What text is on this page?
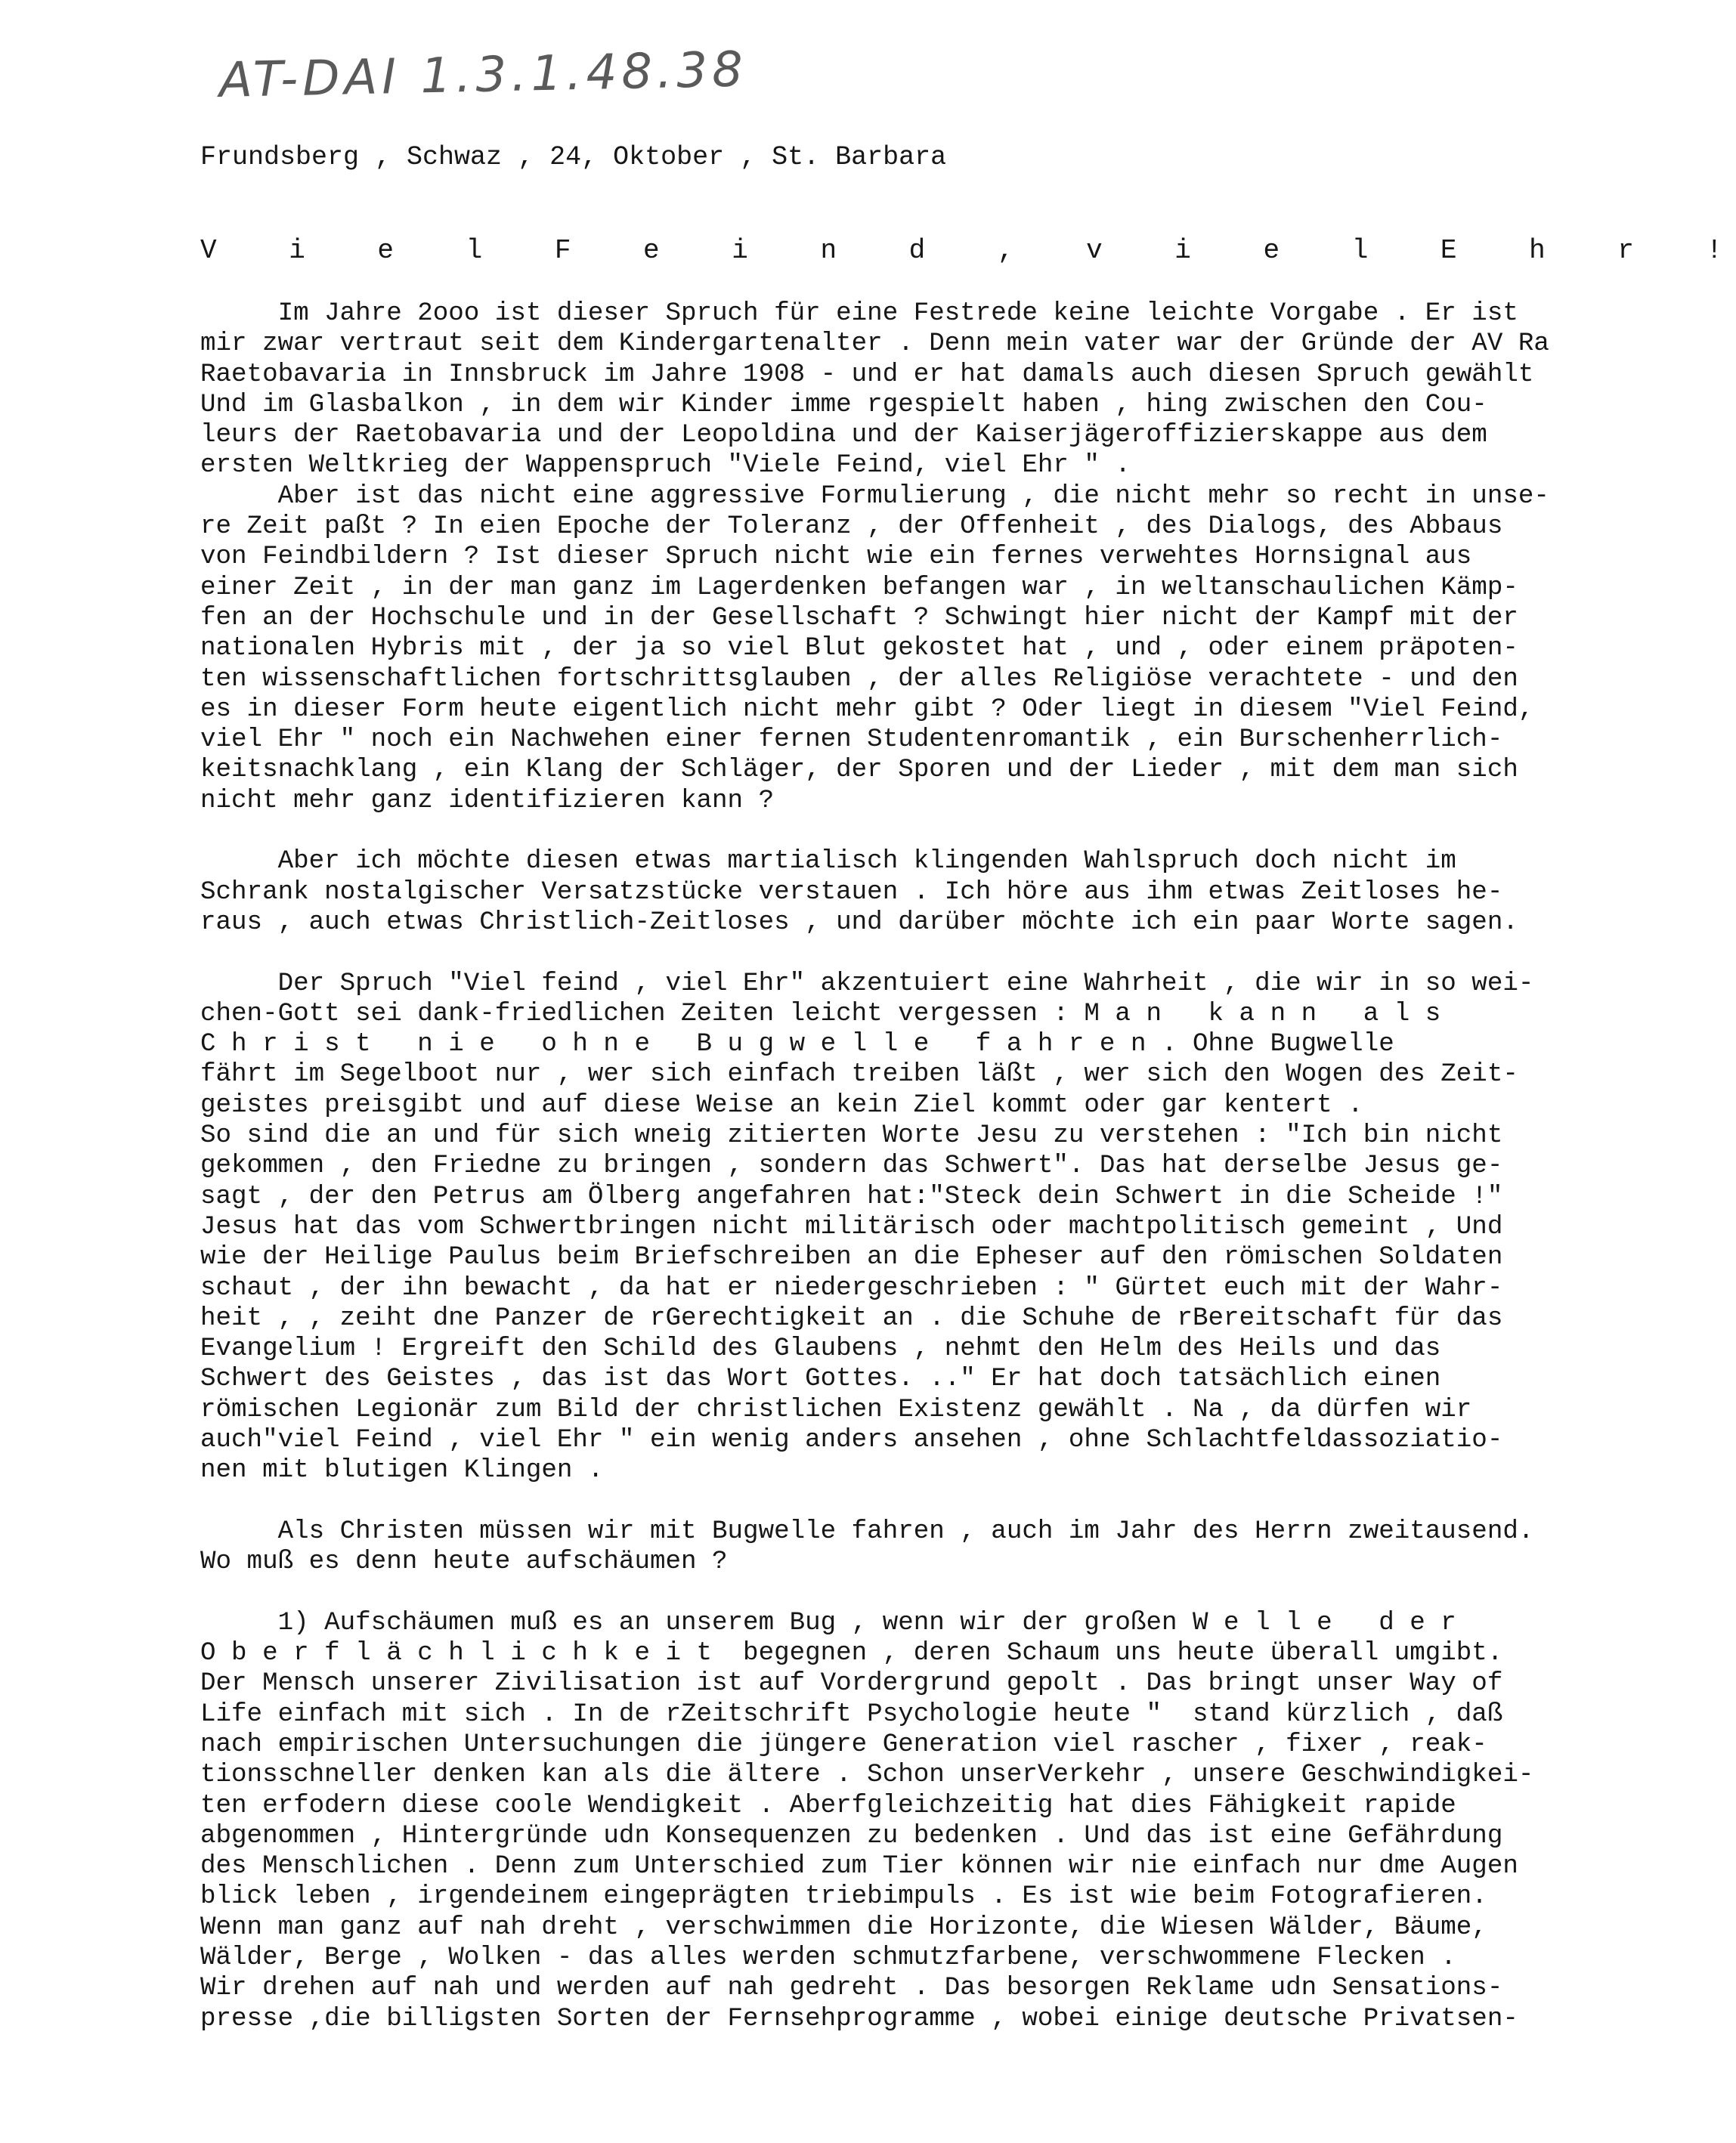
AT-DAI 1.3.1.48.38
Frundsberg , Schwaz , 24, Oktober , St. Barbara
V i e l F e i n d , v i e l E h r !
Im Jahre 2ooo ist dieser Spruch für eine Festrede keine leichte Vorgabe . Er ist
mir zwar vertraut seit dem Kindergartenalter . Denn mein vater war der Gründe der AV Ra
Raetobavaria in Innsbruck im Jahre 1908 - und er hat damals auch diesen Spruch gewählt
Und im Glasbalkon , in dem wir Kinder imme rgespielt haben , hing zwischen den Cou-
leurs der Raetobavaria und der Leopoldina und der Kaiserjägeroffizierskappe aus dem
ersten Weltkrieg der Wappenspruch "Viele Feind, viel Ehr " .
Aber ist das nicht eine aggressive Formulierung , die nicht mehr so recht in unse-
re Zeit paßt ? In eien Epoche der Toleranz , der Offenheit , des Dialogs, des Abbaus
von Feindbildern ? Ist dieser Spruch nicht wie ein fernes verwehtes Hornsignal aus
einer Zeit , in der man ganz im Lagerdenken befangen war , in weltanschaulichen Kämp-
fen an der Hochschule und in der Gesellschaft ? Schwingt hier nicht der Kampf mit der
nationalen Hybris mit , der ja so viel Blut gekostet hat , und , oder einem präpoten-
ten wissenschaftlichen fortschrittsglauben , der alles Religiöse verachtete - und den
es in dieser Form heute eigentlich nicht mehr gibt ? Oder liegt in diesem "Viel Feind,
viel Ehr " noch ein Nachwehen einer fernen Studentenromantik , ein Burschenherrlich-
keitsnachklang , ein Klang der Schläger, der Sporen und der Lieder , mit dem man sich
nicht mehr ganz identifizieren kann ?
Aber ich möchte diesen etwas martialisch klingenden Wahlspruch doch nicht im
Schrank nostalgischer Versatzstücke verstauen . Ich höre aus ihm etwas Zeitloses he-
raus , auch etwas Christlich-Zeitloses , und darüber möchte ich ein paar Worte sagen.
Der Spruch "Viel feind , viel Ehr" akzentuiert eine Wahrheit , die wir in so wei-
chen-Gott sei dank-friedlichen Zeiten leicht vergessen : M a n   k a n n   a l s
C h r i s t   n i e   o h n e   B u g w e l l e   f a h r e n . Ohne Bugwelle
fährt im Segelboot nur , wer sich einfach treiben läßt , wer sich den Wogen des Zeit-
geistes preisgibt und auf diese Weise an kein Ziel kommt oder gar kentert .
So sind die an und für sich wneig zitierten Worte Jesu zu verstehen : "Ich bin nicht
gekommen , den Friedne zu bringen , sondern das Schwert". Das hat derselbe Jesus ge-
sagt , der den Petrus am Ölberg angefahren hat:"Steck dein Schwert in die Scheide !"
Jesus hat das vom Schwertbringen nicht militärisch oder machtpolitisch gemeint , Und
wie der Heilige Paulus beim Briefschreiben an die Epheser auf den römischen Soldaten
schaut , der ihn bewacht , da hat er niedergeschrieben : " Gürtet euch mit der Wahr-
heit , , zeiht dne Panzer de rGerechtigkeit an . die Schuhe de rBereitschaft für das
Evangelium ! Ergreift den Schild des Glaubens , nehmt den Helm des Heils und das
Schwert des Geistes , das ist das Wort Gottes. .." Er hat doch tatsächlich einen
römischen Legionär zum Bild der christlichen Existenz gewählt . Na , da dürfen wir
auch"viel Feind , viel Ehr " ein wenig anders ansehen , ohne Schlachtfeldassoziatio-
nen mit blutigen Klingen .
Als Christen müssen wir mit Bugwelle fahren , auch im Jahr des Herrn zweitausend.
Wo muß es denn heute aufschäumen ?
1) Aufschäumen muß es an unserem Bug , wenn wir der großen W e l l e   d e r
O b e r f l ä c h l i c h k e i t  begegnen , deren Schaum uns heute überall umgibt.
Der Mensch unserer Zivilisation ist auf Vordergrund gepolt . Das bringt unser Way of
Life einfach mit sich . In de rZeitschrift Psychologie heute "  stand kürzlich , daß
nach empirischen Untersuchungen die jüngere Generation viel rascher , fixer , reak-
tionsschneller denken kan als die ältere . Schon unserVerkehr , unsere Geschwindigkei-
ten erfodern diese coole Wendigkeit . Aberfgleichzeitig hat dies Fähigkeit rapide
abgenommen , Hintergründe udn Konsequenzen zu bedenken . Und das ist eine Gefährdung
des Menschlichen . Denn zum Unterschied zum Tier können wir nie einfach nur dme Augen
blick leben , irgendeinem eingeprägten triebimpuls . Es ist wie beim Fotografieren.
Wenn man ganz auf nah dreht , verschwimmen die Horizonte, die Wiesen Wälder, Bäume,
Wälder, Berge , Wolken - das alles werden schmutzfarbene, verschwommene Flecken .
Wir drehen auf nah und werden auf nah gedreht . Das besorgen Reklame udn Sensations-
presse ,die billigsten Sorten der Fernsehprogramme , wobei einige deutsche Privatsen-
